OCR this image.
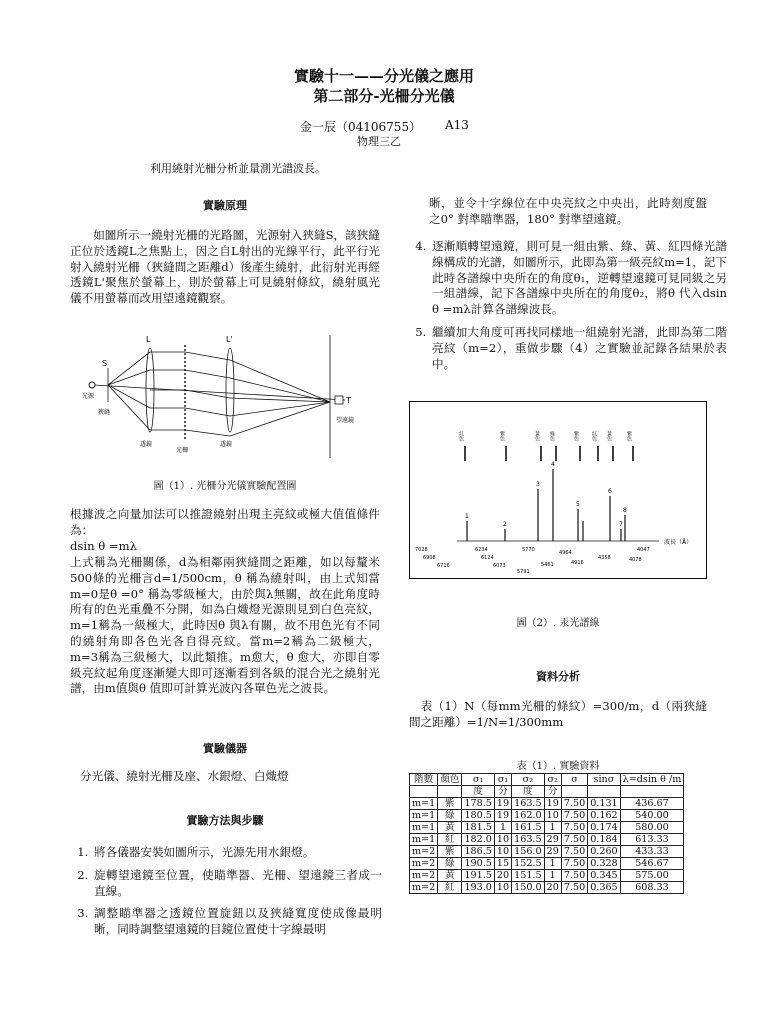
實驗十一——分光儀之應用
第二部分-光柵分光儀
金一辰（04106755） A13
物理三乙
利用繞射光柵分析並量測光譜波長。
實驗原理
如圖所示一繞射光柵的光路圖，光源射入狹縫S，該狹縫正位於透鏡L之焦點上，因之自L射出的光線平行，此平行光射入繞射光柵（狹縫間之距離d）後產生繞射，此衍射光再經透鏡L'聚焦於螢幕上，則於螢幕上可見繞射條紋，繞射風光儀不用螢幕而改用望遠鏡觀察。
L	L'
S
T
光源
狹縫
透鏡
光柵
透鏡
望遠鏡
圖（1）. 光柵分光儀實驗配置圖
根據波之向量加法可以推證繞射出現主亮紋或極大值值條件為：
dsin θ =mλ
上式稱為光柵關係，d為相鄰兩狹縫間之距離，如以每釐米500條的光柵言d=1/500cm，θ 稱為繞射叫，由上式知當m=0是θ =0° 稱為零級極大，由於與λ無關，故在此角度時所有的色光重疊不分開，如為白熾燈光源則見到白色亮紋，m=1稱為一級極大，此時因θ 與λ有關，故不用色光有不同的繞射角即各色光各自得亮紋。當m=2稱為二級極大，m=3稱為三級極大，以此類推。m愈大，θ 愈大，亦即自零級亮紋起角度逐漸變大即可逐漸看到各級的混合光之繞射光譜，由m值與θ 值即可計算光波內各單色光之波長。
實驗儀器
分光儀、繞射光柵及座、水銀燈、白熾燈
實驗方法與步驟
1. 將各儀器安裝如圖所示，光源先用水銀燈。
2. 旋轉望遠鏡至位置，使瞄準器、光柵、望遠鏡三者成一直線。
3. 調整瞄準器之透鏡位置旋鈕以及狹縫寬度使成像最明晰，同時調整望遠鏡的目鏡位置使十字線最明
晰，並令十字線位在中央亮紋之中央出，此時刻度盤之0° 對準瞄準器，180° 對準望遠鏡。
4. 逐漸順轉望遠鏡，則可見一組由紫、綠、黃、紅四條光譜線構成的光譜，如圖所示，此即為第一級亮紋m=1，記下此時各譜線中央所在的角度θ₁，逆轉望遠鏡可見同級之另一組譜線，記下各譜線中央所在的角度θ₂，將θ 代入dsin θ =mλ計算各譜線波長。
5. 繼續加大角度可再找同樣地一組繞射光譜，此即為第二階亮紋（m=2），重做步驟（4）之實驗並記錄各結果於表中。
紅色	紫色	黃色 綠色	紫色 紅色 黃色	紫色
1
2
3
4
5
6
7
8
7028
6908
6716
6234
6124
6073
5791
5770
5461
4964
4916
4358	4078
4047
波長（Å）
圖（2）. 汞光譜線
資料分析
表（1）N（每mm光柵的條紋）=300/m，d（兩狹縫間之距離）=1/N=1/300mm
表（1）. 實驗資料
階數	顏色	σ₁	σ₁	σ₂	σ₂	σ	sinσ	λ=dsin θ /m
		度	分	度	分			
m=1	紫	178.5	19	163.5	19	7.50	0.131	436.67
m=1	綠	180.5	19	162.0	10	7.50	0.162	540.00
m=1	黃	181.5	1	161.5	1	7.50	0.174	580.00
m=1	紅	182.0	10	163.5	29	7.50	0.184	613.33
m=2	紫	186.5	10	156.0	29	7.50	0.260	433.33
m=2	綠	190.5	15	152.5	1	7.50	0.328	546.67
m=2	黃	191.5	20	151.5	1	7.50	0.345	575.00
m=2	紅	193.0	10	150.0	20	7.50	0.365	608.33
